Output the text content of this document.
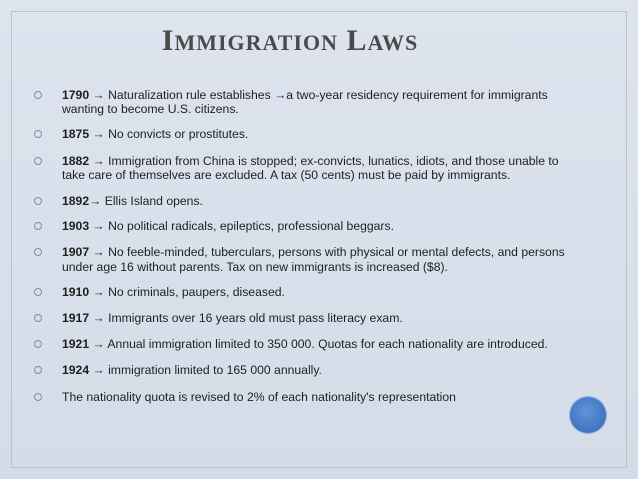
IMMIGRATION LAWS
1790 → Naturalization rule establishes →a two-year residency requirement for immigrants wanting to become U.S. citizens.
1875 → No convicts or prostitutes.
1882 → Immigration from China is stopped; ex-convicts, lunatics, idiots, and those unable to take care of themselves are excluded. A tax (50 cents) must be paid by immigrants.
1892→ Ellis Island opens.
1903 → No political radicals, epileptics, professional beggars.
1907 → No feeble-minded, tuberculars, persons with physical or mental defects, and persons under age 16 without parents. Tax on new immigrants is increased ($8).
1910 → No criminals, paupers, diseased.
1917 → Immigrants over 16 years old must pass literacy exam.
1921 → Annual immigration limited to 350 000. Quotas for each nationality are introduced.
1924 → immigration limited to 165 000 annually.
The nationality quota is revised to 2% of each nationality's representation
